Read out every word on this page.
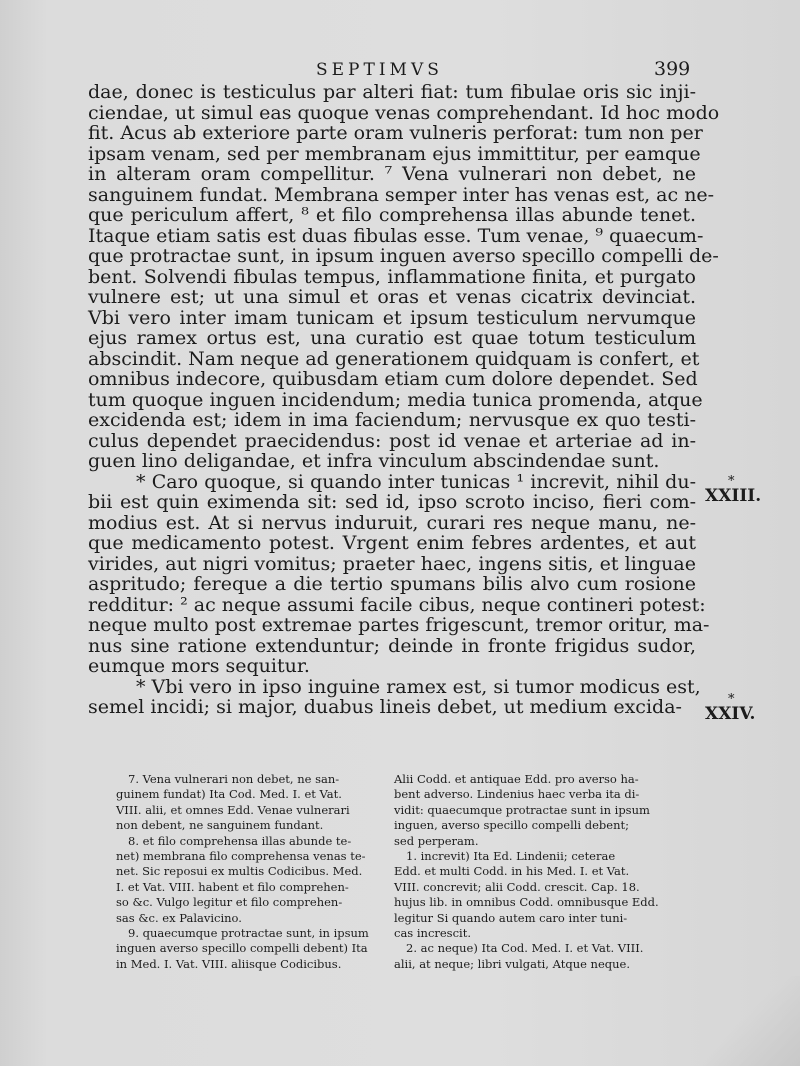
SEPTIMVS	399
dae, donec is testiculus par alteri fiat: tum fibulae oris sic inji-
ciendae, ut simul eas quoque venas comprehendant. Id hoc modo
fit. Acus ab exteriore parte oram vulneris perforat: tum non per
ipsam venam, sed per membranam ejus immittitur, per eamque
in alteram oram compellitur. ⁷ Vena vulnerari non debet, ne
sanguinem fundat. Membrana semper inter has venas est, ac ne-
que periculum affert, ⁸ et filo comprehensa illas abunde tenet.
Itaque etiam satis est duas fibulas esse. Tum venae, ⁹ quaecum-
que protractae sunt, in ipsum inguen averso specillo compelli de-
bent. Solvendi fibulas tempus, inflammatione finita, et purgato
vulnere est; ut una simul et oras et venas cicatrix devinciat.
Vbi vero inter imam tunicam et ipsum testiculum nervumque
ejus ramex ortus est, una curatio est quae totum testiculum
abscindit. Nam neque ad generationem quidquam is confert, et
omnibus indecore, quibusdam etiam cum dolore dependet. Sed
tum quoque inguen incidendum; media tunica promenda, atque
excidenda est; idem in ima faciendum; nervusque ex quo testi-
culus dependet praecidendus: post id venae et arteriae ad in-
guen lino deligandae, et infra vinculum abscindendae sunt.
* Caro quoque, si quando inter tunicas ¹ increvit, nihil du-
bii est quin eximenda sit: sed id, ipso scroto inciso, fieri com-
modius est. At si nervus induruit, curari res neque manu, ne-
que medicamento potest. Vrgent enim febres ardentes, et aut
virides, aut nigri vomitus; praeter haec, ingens sitis, et linguae
aspritudo; fereque a die tertio spumans bilis alvo cum rosione
redditur: ² ac neque assumi facile cibus, neque contineri potest:
neque multo post extremae partes frigescunt, tremor oritur, ma-
nus sine ratione extenduntur; deinde in fronte frigidus sudor,
eumque mors sequitur.
* Vbi vero in ipso inguine ramex est, si tumor modicus est,
semel incidi; si major, duabus lineis debet, ut medium excida-
*
XXIII.
*
XXIV.
7. Vena vulnerari non debet, ne san-
guinem fundat) Ita Cod. Med. I. et Vat.
VIII. alii, et omnes Edd. Venae vulnerari
non debent, ne sanguinem fundant.
8. et filo comprehensa illas abunde te-
net) membrana filo comprehensa venas te-
net. Sic reposui ex multis Codicibus. Med.
I. et Vat. VIII. habent et filo comprehen-
so &c. Vulgo legitur et filo comprehen-
sas &c. ex Palavicino.
9. quaecumque protractae sunt, in ipsum
inguen averso specillo compelli debent) Ita
in Med. I. Vat. VIII. aliisque Codicibus.
Alii Codd. et antiquae Edd. pro averso ha-
bent adverso. Lindenius haec verba ita di-
vidit: quaecumque protractae sunt in ipsum
inguen, averso specillo compelli debent;
sed perperam.
1. increvit) Ita Ed. Lindenii; ceterae
Edd. et multi Codd. in his Med. I. et Vat.
VIII. concrevit; alii Codd. crescit. Cap. 18.
hujus lib. in omnibus Codd. omnibusque Edd.
legitur Si quando autem caro inter tuni-
cas increscit.
2. ac neque) Ita Cod. Med. I. et Vat. VIII.
alii, at neque; libri vulgati, Atque neque.
